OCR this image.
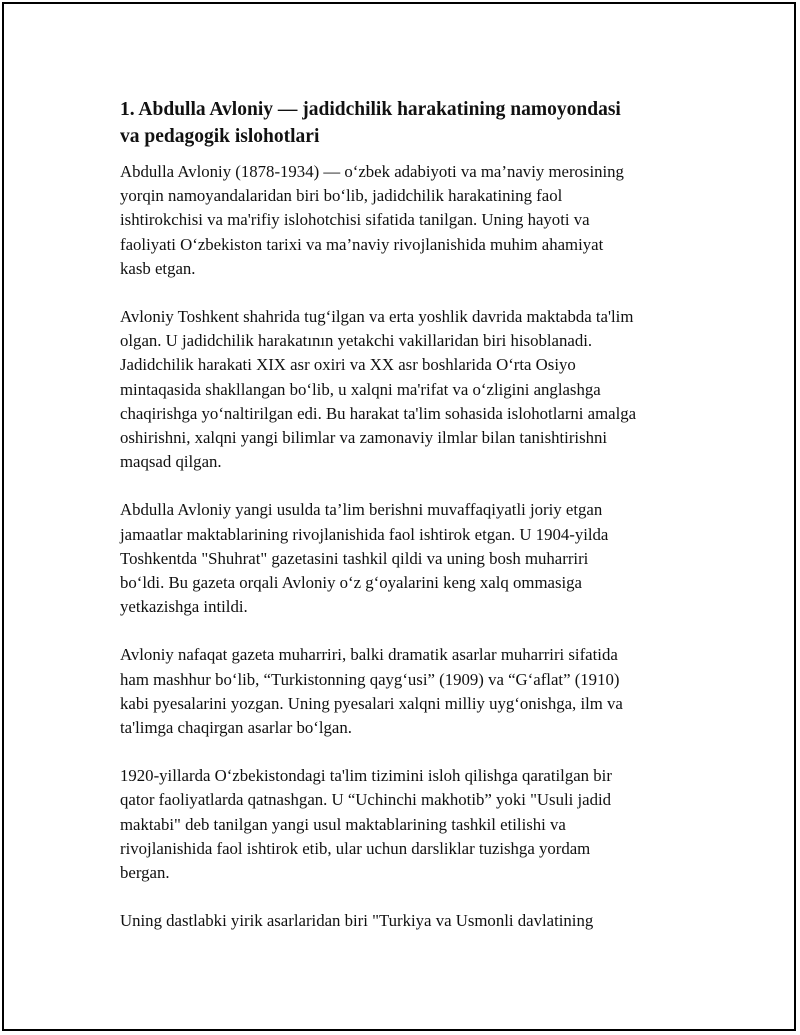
1. Abdulla Avloniy — jadidchilik harakatining namoyondasi
va pedagogik islohotlari

Abdulla Avloniy (1878-1934) — o‘zbek adabiyoti va ma’naviy merosining
yorqin namoyandalaridan biri bo‘lib, jadidchilik harakatining faol
ishtirokchisi va ma'rifiy islohotchisi sifatida tanilgan. Uning hayoti va
faoliyati O‘zbekiston tarixi va ma’naviy rivojlanishida muhim ahamiyat
kasb etgan.

Avloniy Toshkent shahrida tug‘ilgan va erta yoshlik davrida maktabda ta'lim
olgan. U jadidchilik harakatının yetakchi vakillaridan biri hisoblanadi.
Jadidchilik harakati XIX asr oxiri va XX asr boshlarida O‘rta Osiyo
mintaqasida shakllangan bo‘lib, u xalqni ma'rifat va o‘zligini anglashga
chaqirishga yo‘naltirilgan edi. Bu harakat ta'lim sohasida islohotlarni amalga
oshirishni, xalqni yangi bilimlar va zamonaviy ilmlar bilan tanishtirishni
maqsad qilgan.

Abdulla Avloniy yangi usulda ta’lim berishni muvaffaqiyatli joriy etgan
jamaatlar maktablarining rivojlanishida faol ishtirok etgan. U 1904-yilda
Toshkentda "Shuhrat" gazetasini tashkil qildi va uning bosh muharriri
bo‘ldi. Bu gazeta orqali Avloniy o‘z g‘oyalarini keng xalq ommasiga
yetkazishga intildi.

Avloniy nafaqat gazeta muharriri, balki dramatik asarlar muharriri sifatida
ham mashhur bo‘lib, “Turkistonning qayg‘usi” (1909) va “G‘aflat” (1910)
kabi pyesalarini yozgan. Uning pyesalari xalqni milliy uyg‘onishga, ilm va
ta'limga chaqirgan asarlar bo‘lgan.

1920-yillarda O‘zbekistondagi ta'lim tizimini isloh qilishga qaratilgan bir
qator faoliyatlarda qatnashgan. U “Uchinchi makhotib” yoki "Usuli jadid
maktabi" deb tanilgan yangi usul maktablarining tashkil etilishi va
rivojlanishida faol ishtirok etib, ular uchun darsliklar tuzishga yordam
bergan.

Uning dastlabki yirik asarlaridan biri "Turkiya va Usmonli davlatining
